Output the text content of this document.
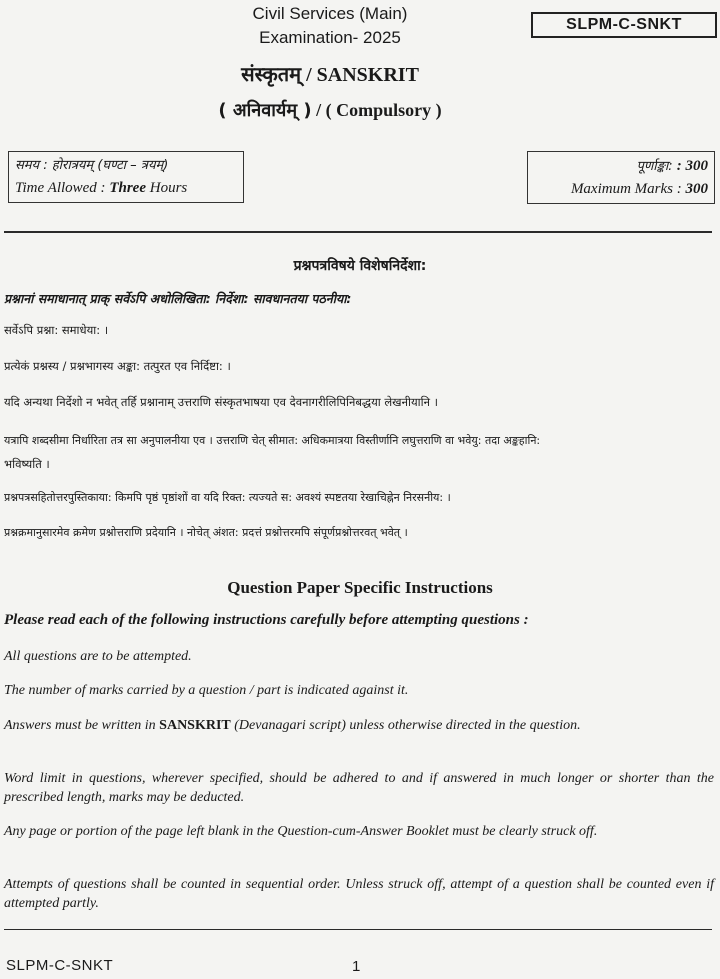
Civil Services (Main)
Examination- 2025
SLPM-C-SNKT
संस्कृतम् / SANSKRIT
( अनिवार्यम् ) / ( Compulsory )
समय : होरात्रयम् (घण्टा – त्रयम्)
Time Allowed : Three Hours
पूर्णाङ्का: : 300
Maximum Marks : 300
प्रश्नपत्रविषये विशेषनिर्देशा:
प्रश्नानां समाधानात् प्राक् सर्वेऽपि अधोलिखिता: निर्देशा: सावधानतया पठनीया:
सर्वेऽपि प्रश्ना: समाधेया: ।
प्रत्येकं प्रश्नस्य / प्रश्नभागस्य अङ्का: तत्पुरत एव निर्दिष्टा: ।
यदि अन्यथा निर्देशो न भवेत् तर्हि प्रश्नानाम् उत्तराणि संस्कृतभाषया एव देवनागरीलिपिनिबद्धया लेखनीयानि ।
यत्रापि शब्दसीमा निर्धारिता तत्र सा अनुपालनीया एव । उत्तराणि चेत् सीमात: अधिकमात्रया विस्तीर्णानि लघुत्तराणि वा भवेयु: तदा अङ्कहानि:
भविष्यति ।
प्रश्नपत्रसहितोत्तरपुस्तिकाया: किमपि पृष्ठं पृष्ठांशों वा यदि रिक्त: त्यज्यते स: अवश्यं स्पष्टतया रेखाचिह्नेन निरसनीय: ।
प्रश्नक्रमानुसारमेव क्रमेण प्रश्नोत्तराणि प्रदेयानि । नोचेत् अंशत: प्रदत्तं प्रश्नोत्तरमपि संपूर्णप्रश्नोत्तरवत् भवेत् ।
Question Paper Specific Instructions
Please read each of the following instructions carefully before attempting questions :
All questions are to be attempted.
The number of marks carried by a question / part is indicated against it.
Answers must be written in SANSKRIT (Devanagari script) unless otherwise directed in the question.
Word limit in questions, wherever specified, should be adhered to and if answered in much longer or shorter than the prescribed length, marks may be deducted.
Any page or portion of the page left blank in the Question-cum-Answer Booklet must be clearly struck off.
Attempts of questions shall be counted in sequential order. Unless struck off, attempt of a question shall be counted even if attempted partly.
SLPM-C-SNKT	1
